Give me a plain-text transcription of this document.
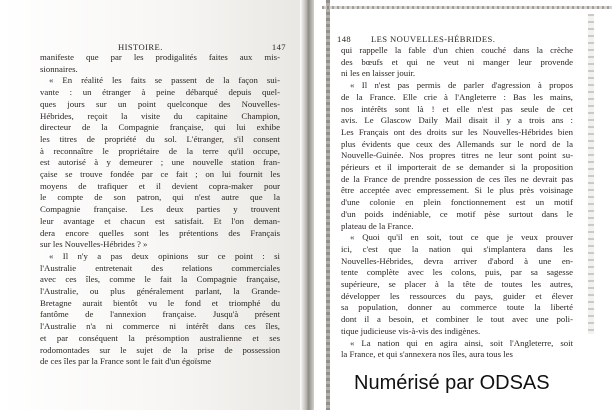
HISTOIRE.	147
manifeste que par les prodigalités faites aux mis-
sionnaires.
« En réalité les faits se passent de la façon sui-
vante : un étranger à peine débarqué depuis quel-
ques jours sur un point quelconque des Nouvelles-
Hébrides, reçoit la visite du capitaine Champion,
directeur de la Compagnie française, qui lui exhibe
les titres de propriété du sol. L'étranger, s'il consent
à reconnaître le propriétaire de la terre qu'il occupe,
est autorisé à y demeurer ; une nouvelle station fran-
çaise se trouve fondée par ce fait ; on lui fournit les
moyens de trafiquer et il devient copra-maker pour
le compte de son patron, qui n'est autre que la
Compagnie française. Les deux parties y trouvent
leur avantage et chacun est satisfait. Et l'on deman-
dera encore quelles sont les prétentions des Français
sur les Nouvelles-Hébrides ? »
« Il n'y a pas deux opinions sur ce point : si
l'Australie entretenait des relations commerciales
avec ces îles, comme le fait la Compagnie française,
l'Australie, ou plus généralement parlant, la Grande-
Bretagne aurait bientôt vu le fond et triomphé du
fantôme de l'annexion française. Jusqu'à présent
l'Australie n'a ni commerce ni intérêt dans ces îles,
et par conséquent la présomption australienne et ses
rodomontades sur le sujet de la prise de possession
de ces îles par la France sont le fait d'un égoïsme
148 LES NOUVELLES-HÉBRIDES.
qui rappelle la fable d'un chien couché dans la crèche
des bœufs et qui ne veut ni manger leur provende
ni les en laisser jouir.
« Il n'est pas permis de parler d'agression à propos
de la France. Elle crie à l'Angleterre : Bas les mains,
nos intérêts sont là ! et elle n'est pas seule de cet
avis. Le Glascow Daily Mail disait il y a trois ans :
Les Français ont des droits sur les Nouvelles-Hébrides bien
plus évidents que ceux des Allemands sur le nord de la
Nouvelle-Guinée. Nos propres titres ne leur sont point su-
périeurs et il importerait de se demander si la proposition
de la France de prendre possession de ces îles ne devrait pas
être acceptée avec empressement. Si le plus près voisinage
d'une colonie en plein fonctionnement est un motif
d'un poids indéniable, ce motif pèse surtout dans le
plateau de la France.
« Quoi qu'il en soit, tout ce que je veux prouver
ici, c'est que la nation qui s'implantera dans les
Nouvelles-Hébrides, devra arriver d'abord à une en-
tente complète avec les colons, puis, par sa sagesse
supérieure, se placer à la tête de toutes les autres,
développer les ressources du pays, guider et élever
sa population, donner au commerce toute la liberté
dont il a besoin, et combiner le tout avec une poli-
tique judicieuse vis-à-vis des indigènes.
« La nation qui en agira ainsi, soit l'Angleterre, soit
la France, et qui s'annexera nos îles, aura tous les
Numérisé par ODSAS
